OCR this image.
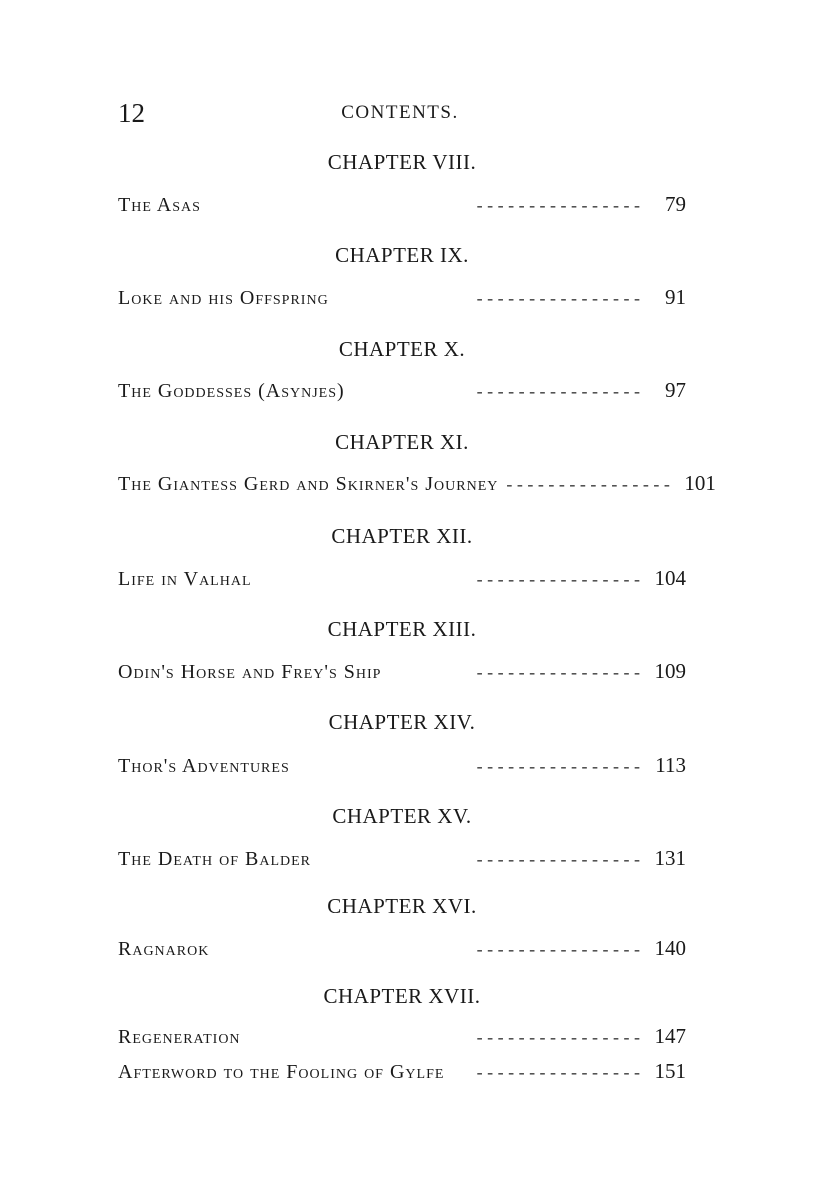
12	CONTENTS.
CHAPTER VIII.
The Asas	- - - - - - - - - - - - - - - -	79
CHAPTER IX.
Loke and his Offspring	- - - - - - - - - - - - - - - -	91
CHAPTER X.
The Goddesses (Asynjes)	- - - - - - - - - - - - - - - -	97
CHAPTER XI.
The Giantess Gerd and Skirner's Journey - - - - - - - - - - - - - - - - 101
CHAPTER XII.
Life in Valhal	- - - - - - - - - - - - - - - - 104
CHAPTER XIII.
Odin's Horse and Frey's Ship	- - - - - - - - - - - - - - - - 109
CHAPTER XIV.
Thor's Adventures	- - - - - - - - - - - - - - - - 113
CHAPTER XV.
The Death of Balder	- - - - - - - - - - - - - - - - 131
CHAPTER XVI.
Ragnarok	- - - - - - - - - - - - - - - - 140
CHAPTER XVII.
Regeneration	- - - - - - - - - - - - - - - - 147
Afterword to the Fooling of Gylfe	- - - - - - - - - - - - - - - - 151
